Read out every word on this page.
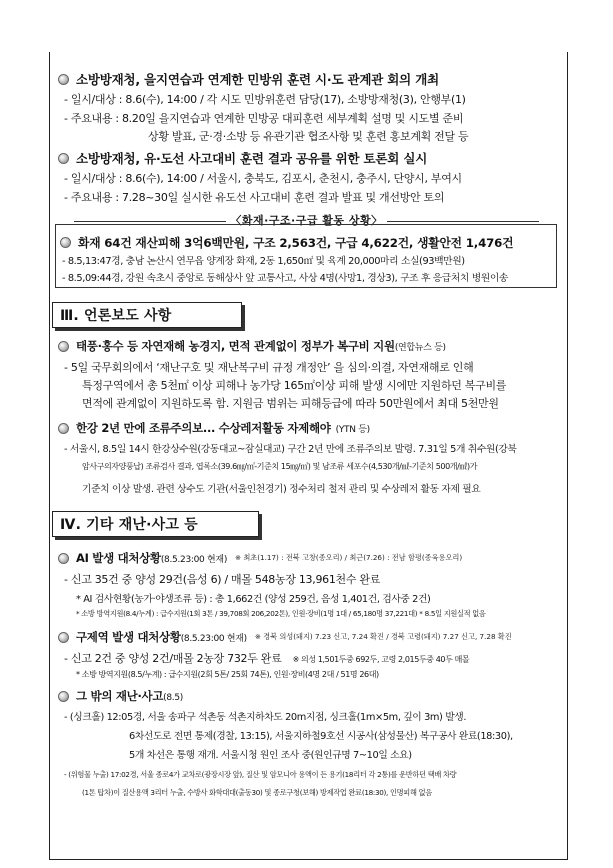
소방방재청, 을지연습과 연계한 민방위 훈련 시·도 관계관 회의 개최
- 일시/대상 : 8.6(수), 14:00 / 각 시도 민방위훈련 담당(17), 소방방재청(3), 안행부(1)
- 주요내용 : 8.20일 을지연습과 연계한 민방공 대피훈련 세부계획 설명 및 시도별 준비
상황 발표, 군·경·소방 등 유관기관 협조사항 및 훈련 홍보계획 전달 등
소방방재청, 유·도선 사고대비 훈련 결과 공유를 위한 토론회 실시
- 일시/대상 : 8.6(수), 14:00 / 서울시, 충북도, 김포시, 춘천시, 충주시, 단양시, 부여시
- 주요내용 : 7.28~30일 실시한 유도선 사고대비 훈련 결과 발표 및 개선방안 토의
〈화재·구조·구급 활동 상황〉
화재 64건 재산피해 3억6백만원, 구조 2,563건, 구급 4,622건, 생활안전 1,476건
- 8.5,13:47경, 충남 논산시 연무읍 양계장 화재, 2동 1,650㎡ 및 육계 20,000마리 소실(93백만원)
- 8.5,09:44경, 강원 속초시 중앙로 동해상사 앞 교통사고, 사상 4명(사망1, 경상3), 구조 후 응급처치 병원이송
Ⅲ. 언론보도 사항
태풍·홍수 등 자연재해 농경지, 면적 관계없이 정부가 복구비 지원 (연합뉴스 등)
- 5일 국무회의에서 ‘재난구호 및 재난복구비 규정 개정안’ 을 심의·의결, 자연재해로 인해
특정구역에서 총 5천㎡ 이상 피해나 농가당 165㎡이상 피해 발생 시에만 지원하던 복구비를
면적에 관계없이 지원하도록 함. 지원금 범위는 피해등급에 따라 50만원에서 최대 5천만원
한강 2년 만에 조류주의보... 수상레저활동 자제해야 (YTN 등)
- 서울시, 8.5일 14시 한강상수원(강동대교~잠실대교) 구간 2년 만에 조류주의보 발령. 7.31일 5개 취수원(강북
암사구의자양풍납) 조류검사 결과, 엽록소(39.6㎎/㎥-기준치 15㎎/㎥) 및 남조류 세포수(4,530개/㎖-기준치 500개/㎖)가
기준치 이상 발생. 관련 상수도 기관(서울인천경기) 정수처리 철저 관리 및 수상레저 활동 자제 필요
Ⅳ. 기타 재난·사고 등
AI 발생 대처상황 (8.5.23:00 현재) ※ 최초(1.17) : 전북 고창(종오리) / 최근(7.26) : 전남 함평(종육용오리)
- 신고 35건 중 양성 29건(음성 6) / 매몰 548농장 13,961천수 완료
* AI 검사현황(농가·야생조류 등) : 총 1,662건 (양성 259건, 음성 1,401건, 검사중 2건)
* 소방 방역지원(8.4/누계) : 급수지원(1회 3톤 / 39,708회 206,202톤), 인원·장비(1명 1대 / 65,180명 37,221대) * 8.5일 지원실적 없음
구제역 발생 대처상황 (8.5.23:00 현재) ※ 경북 의성(돼지) 7.23 신고, 7.24 확진 / 경북 고령(돼지) 7.27 신고, 7.28 확진
- 신고 2건 중 양성 2건/매몰 2농장 732두 완료 ※ 의성 1,501두중 692두, 고령 2,015두중 40두 매몰
* 소방 방역지원(8.5/누계) : 급수지원(2회 5톤/ 25회 74톤), 인원·장비(4명 2대 / 51명 26대)
그 밖의 재난·사고 (8.5)
- (싱크홀) 12:05경, 서울 송파구 석촌동 석촌지하차도 20m지점, 싱크홀(1m×5m, 깊이 3m) 발생.
6차선도로 전면 통제(경찰, 13:15), 서울지하철9호선 시공사(삼성물산) 복구공사 완료(18:30),
5개 차선은 통행 재개. 서울시청 원인 조사 중(원인규명 7~10일 소요)
- (위험물 누출) 17:02경, 서울 종로4가 교차로(광장시장 앞), 질산 및 암모니아 용액이 든 용기(18리터 각 2통)를 운반하던 택배 차량
(1톤 탑차)이 질산용액 3리터 누출, 수방사 화학대대(출동30) 및 종로구청(보해) 방제작업 완료(18:30), 인명피해 없음
